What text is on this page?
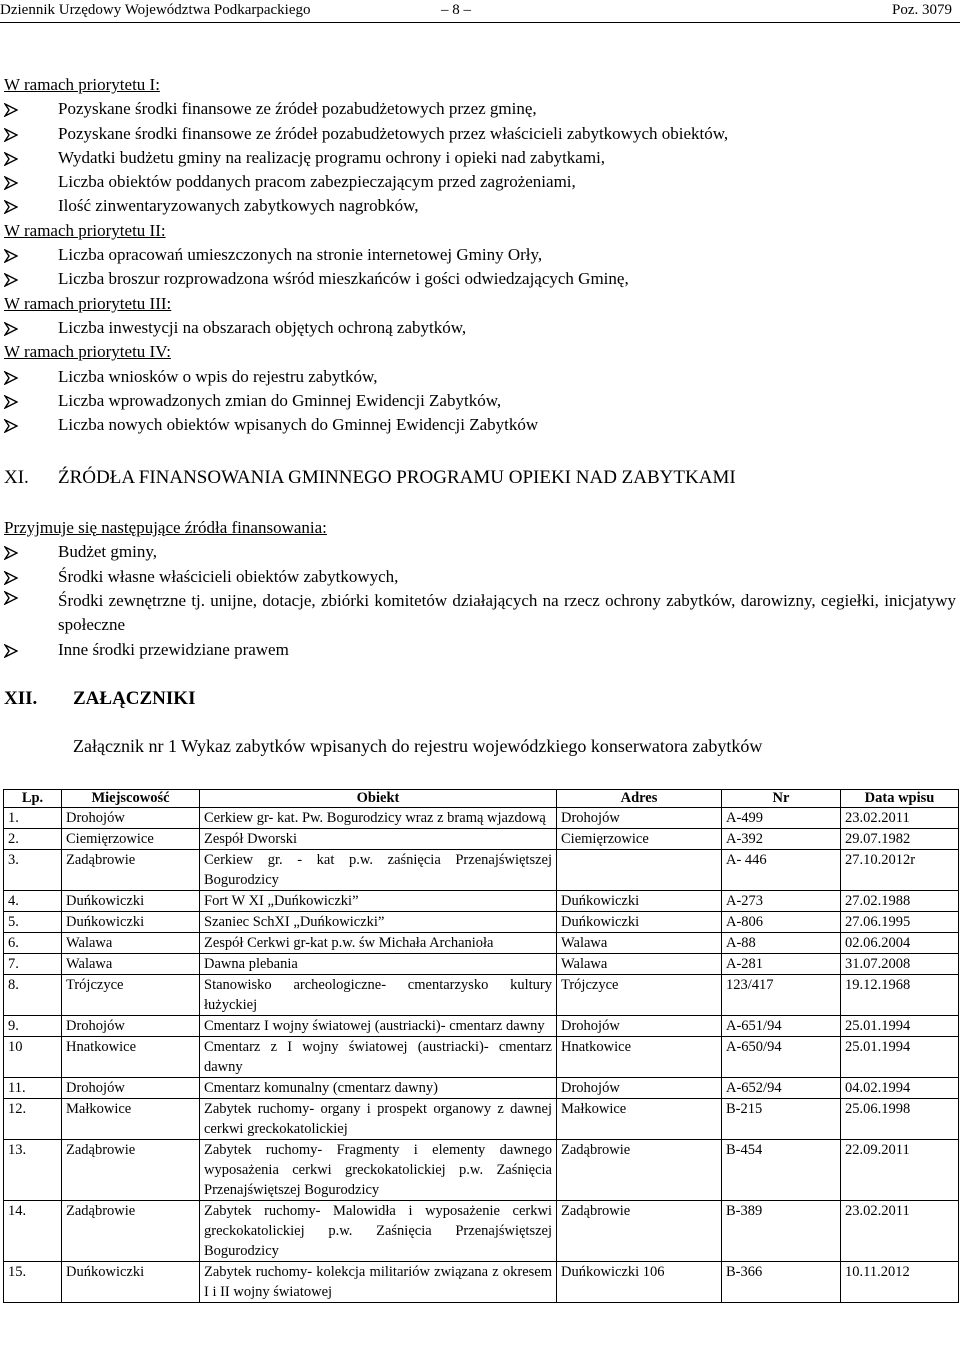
Dziennik Urzędowy Województwa Podkarpackiego	– 8 –	Poz. 3079
W ramach priorytetu I:
Pozyskane środki finansowe ze źródeł pozabudżetowych przez gminę,
Pozyskane środki finansowe ze źródeł pozabudżetowych przez właścicieli zabytkowych obiektów,
Wydatki budżetu gminy na realizację programu ochrony i opieki nad zabytkami,
Liczba obiektów poddanych pracom zabezpieczającym przed zagrożeniami,
Ilość zinwentaryzowanych zabytkowych nagrobków,
W ramach priorytetu II:
Liczba opracowań umieszczonych na stronie internetowej Gminy Orły,
Liczba broszur rozprowadzona wśród mieszkańców i gości odwiedzających Gminę,
W ramach priorytetu III:
Liczba inwestycji na obszarach objętych ochroną zabytków,
W ramach priorytetu IV:
Liczba wniosków o wpis do rejestru zabytków,
Liczba wprowadzonych zmian do Gminnej Ewidencji Zabytków,
Liczba nowych obiektów wpisanych do Gminnej Ewidencji Zabytków
XI. ŹRÓDŁA FINANSOWANIA GMINNEGO PROGRAMU OPIEKI NAD ZABYTKAMI
Przyjmuje się następujące źródła finansowania:
Budżet gminy,
Środki własne właścicieli obiektów zabytkowych,
Środki zewnętrzne tj. unijne, dotacje, zbiórki komitetów działających na rzecz ochrony zabytków, darowizny, cegiełki, inicjatywy społeczne
Inne środki przewidziane prawem
XII. ZAŁĄCZNIKI
Załącznik nr 1 Wykaz zabytków wpisanych do rejestru wojewódzkiego konserwatora zabytków
Lp.	Miejscowość	Obiekt	Adres	Nr	Data wpisu
1.	Drohojów	Cerkiew gr- kat. Pw. Bogurodzicy wraz z bramą wjazdową	Drohojów	A-499	23.02.2011
2.	Ciemięrzowice	Zespół Dworski	Ciemięrzowice	A-392	29.07.1982
3.	Zadąbrowie	Cerkiew gr. - kat p.w. zaśnięcia Przenajświętszej Bogurodzicy		A- 446	27.10.2012r
4.	Duńkowiczki	Fort W XI „Duńkowiczki”	Duńkowiczki	A-273	27.02.1988
5.	Duńkowiczki	Szaniec SchXI „Duńkowiczki”	Duńkowiczki	A-806	27.06.1995
6.	Walawa	Zespół Cerkwi gr-kat p.w. św Michała Archanioła	Walawa	A-88	02.06.2004
7.	Walawa	Dawna plebania	Walawa	A-281	31.07.2008
8.	Trójczyce	Stanowisko archeologiczne- cmentarzysko kultury łużyckiej	Trójczyce	123/417	19.12.1968
9.	Drohojów	Cmentarz I wojny światowej (austriacki)- cmentarz dawny	Drohojów	A-651/94	25.01.1994
10	Hnatkowice	Cmentarz z I wojny światowej (austriacki)- cmentarz dawny	Hnatkowice	A-650/94	25.01.1994
11.	Drohojów	Cmentarz komunalny (cmentarz dawny)	Drohojów	A-652/94	04.02.1994
12.	Małkowice	Zabytek ruchomy- organy i prospekt organowy z dawnej cerkwi greckokatolickiej	Małkowice	B-215	25.06.1998
13.	Zadąbrowie	Zabytek ruchomy- Fragmenty i elementy dawnego wyposażenia cerkwi greckokatolickiej p.w. Zaśnięcia Przenajświętszej Bogurodzicy	Zadąbrowie	B-454	22.09.2011
14.	Zadąbrowie	Zabytek ruchomy- Malowidła i wyposażenie cerkwi greckokatolickiej p.w. Zaśnięcia Przenajświętszej Bogurodzicy	Zadąbrowie	B-389	23.02.2011
15.	Duńkowiczki	Zabytek ruchomy- kolekcja militariów związana z okresem I i II wojny światowej	Duńkowiczki 106	B-366	10.11.2012
